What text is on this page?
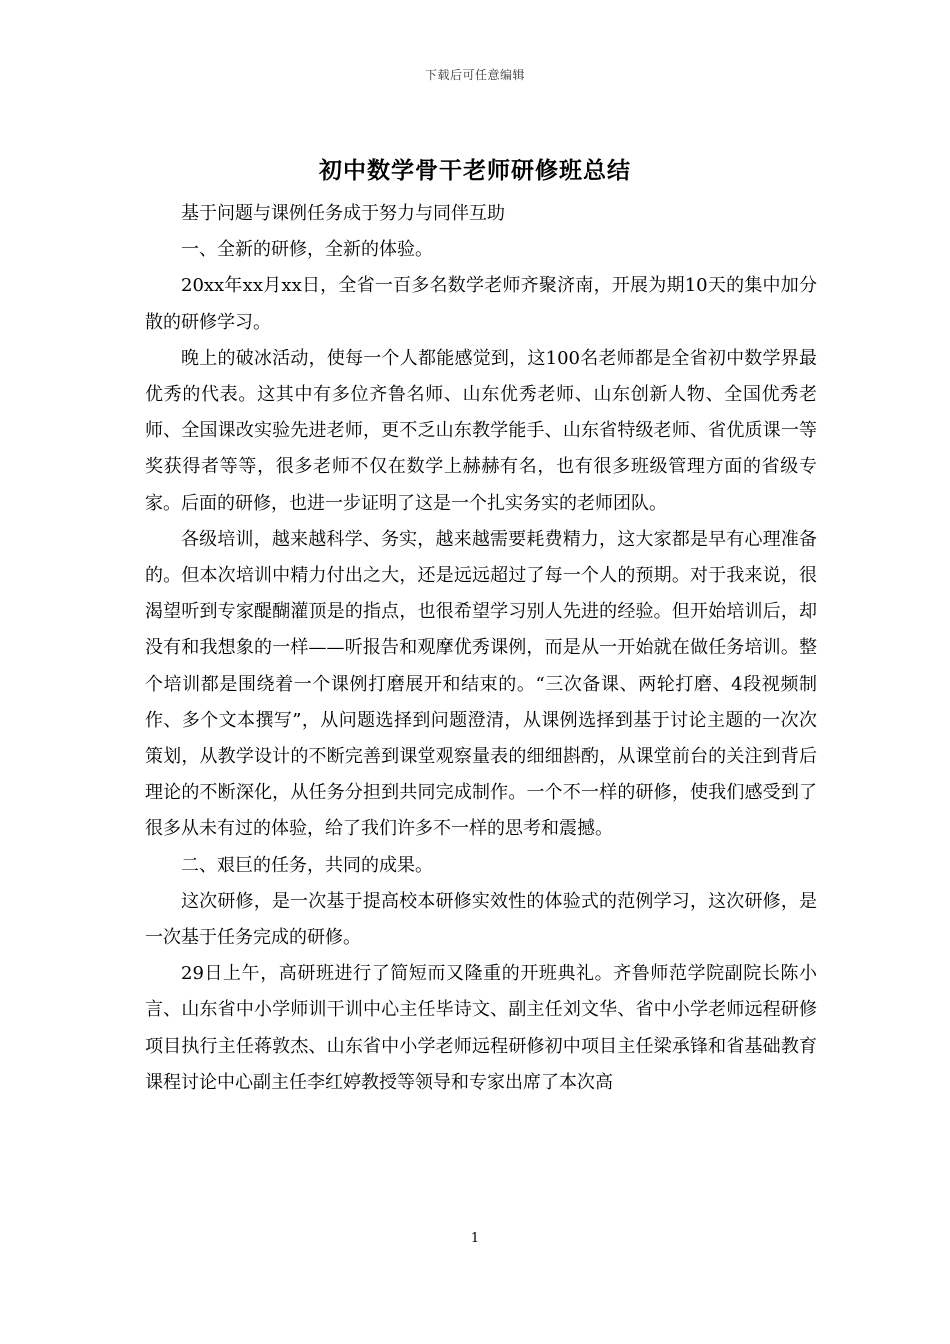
下载后可任意编辑
初中数学骨干老师研修班总结

基于问题与课例任务成于努力与同伴互助

一、全新的研修，全新的体验。

20xx年xx月xx日，全省一百多名数学老师齐聚济南，开展为期10天的集中加分散的研修学习。

晚上的破冰活动，使每一个人都能感觉到，这100名老师都是全省初中数学界最优秀的代表。这其中有多位齐鲁名师、山东优秀老师、山东创新人物、全国优秀老师、全国课改实验先进老师，更不乏山东教学能手、山东省特级老师、省优质课一等奖获得者等等，很多老师不仅在数学上赫赫有名，也有很多班级管理方面的省级专家。后面的研修，也进一步证明了这是一个扎实务实的老师团队。

各级培训，越来越科学、务实，越来越需要耗费精力，这大家都是早有心理准备的。但本次培训中精力付出之大，还是远远超过了每一个人的预期。对于我来说，很渴望听到专家醍醐灌顶是的指点，也很希望学习别人先进的经验。但开始培训后，却没有和我想象的一样——听报告和观摩优秀课例，而是从一开始就在做任务培训。整个培训都是围绕着一个课例打磨展开和结束的。“三次备课、两轮打磨、4段视频制作、多个文本撰写”，从问题选择到问题澄清，从课例选择到基于讨论主题的一次次策划，从教学设计的不断完善到课堂观察量表的细细斟酌，从课堂前台的关注到背后理论的不断深化，从任务分担到共同完成制作。一个不一样的研修，使我们感受到了很多从未有过的体验，给了我们许多不一样的思考和震撼。

二、艰巨的任务，共同的成果。

这次研修，是一次基于提高校本研修实效性的体验式的范例学习，这次研修，是一次基于任务完成的研修。

29日上午，高研班进行了简短而又隆重的开班典礼。齐鲁师范学院副院长陈小言、山东省中小学师训干训中心主任毕诗文、副主任刘文华、省中小学老师远程研修项目执行主任蒋敦杰、山东省中小学老师远程研修初中项目主任梁承锋和省基础教育课程讨论中心副主任李红婷教授等领导和专家出席了本次高

1
